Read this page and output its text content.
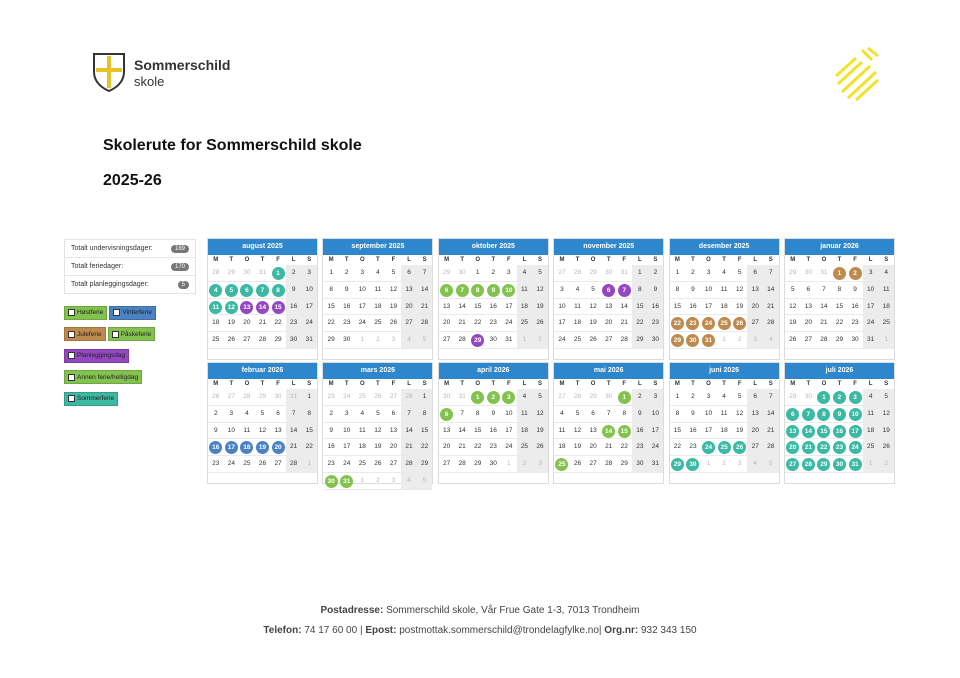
Sommerschild
skole
Skolerute for Sommerschild skole
2025-26
Totalt undervisningsdager:	189
Totalt feriedager:	170
Totalt planleggingsdager:	5
Høstferie	Vinterferie

Juleferie	Påskeferie

Planleggingsdag

Annen ferie/helligdag

Sommerferie
august 2025
M	T	O	T	F	L	S
28	29	30	31	1	2	3
4	5	6	7	8	9	10
11	12	13	14	15	16	17
18	19	20	21	22	23	24
25	26	27	28	29	30	31
september 2025
M	T	O	T	F	L	S
1	2	3	4	5	6	7
8	9	10	11	12	13	14
15	16	17	18	19	20	21
22	23	24	25	26	27	28
29	30	1	2	3	4	5
oktober 2025
M	T	O	T	F	L	S
29	30	1	2	3	4	5
6	7	8	9	10	11	12
13	14	15	16	17	18	19
20	21	22	23	24	25	26
27	28	29	30	31	1	2
november 2025
M	T	O	T	F	L	S
27	28	29	30	31	1	2
3	4	5	6	7	8	9
10	11	12	13	14	15	16
17	18	19	20	21	22	23
24	25	26	27	28	29	30
desember 2025
M	T	O	T	F	L	S
1	2	3	4	5	6	7
8	9	10	11	12	13	14
15	16	17	18	19	20	21
22	23	24	25	26	27	28
29	30	31	1	2	3	4
januar 2026
M	T	O	T	F	L	S
29	30	31	1	2	3	4
5	6	7	8	9	10	11
12	13	14	15	16	17	18
19	20	21	22	23	24	25
26	27	28	29	30	31	1
februar 2026
M	T	O	T	F	L	S
26	27	28	29	30	31	1
2	3	4	5	6	7	8
9	10	11	12	13	14	15
16	17	18	19	20	21	22
23	24	25	26	27	28	1
mars 2026
M	T	O	T	F	L	S
23	24	25	26	27	28	1
2	3	4	5	6	7	8
9	10	11	12	13	14	15
16	17	18	19	20	21	22
23	24	25	26	27	28	29
30	31	1	2	3	4	5
april 2026
M	T	O	T	F	L	S
30	31	1	2	3	4	5
6	7	8	9	10	11	12
13	14	15	16	17	18	19
20	21	22	23	24	25	26
27	28	29	30	1	2	3
mai 2026
M	T	O	T	F	L	S
27	28	29	30	1	2	3
4	5	6	7	8	9	10
11	12	13	14	15	16	17
18	19	20	21	22	23	24
25	26	27	28	29	30	31
juni 2026
M	T	O	T	F	L	S
1	2	3	4	5	6	7
8	9	10	11	12	13	14
15	16	17	18	19	20	21
22	23	24	25	26	27	28
29	30	1	2	3	4	5
juli 2026
M	T	O	T	F	L	S
29	30	1	2	3	4	5
6	7	8	9	10	11	12
13	14	15	16	17	18	19
20	21	22	23	24	25	26
27	28	29	30	31	1	2
Postadresse: Sommerschild skole, Vår Frue Gate 1-3, 7013 Trondheim
Telefon: 74 17 60 00 | Epost: postmottak.sommerschild@trondelagfylke.no| Org.nr: 932 343 150
